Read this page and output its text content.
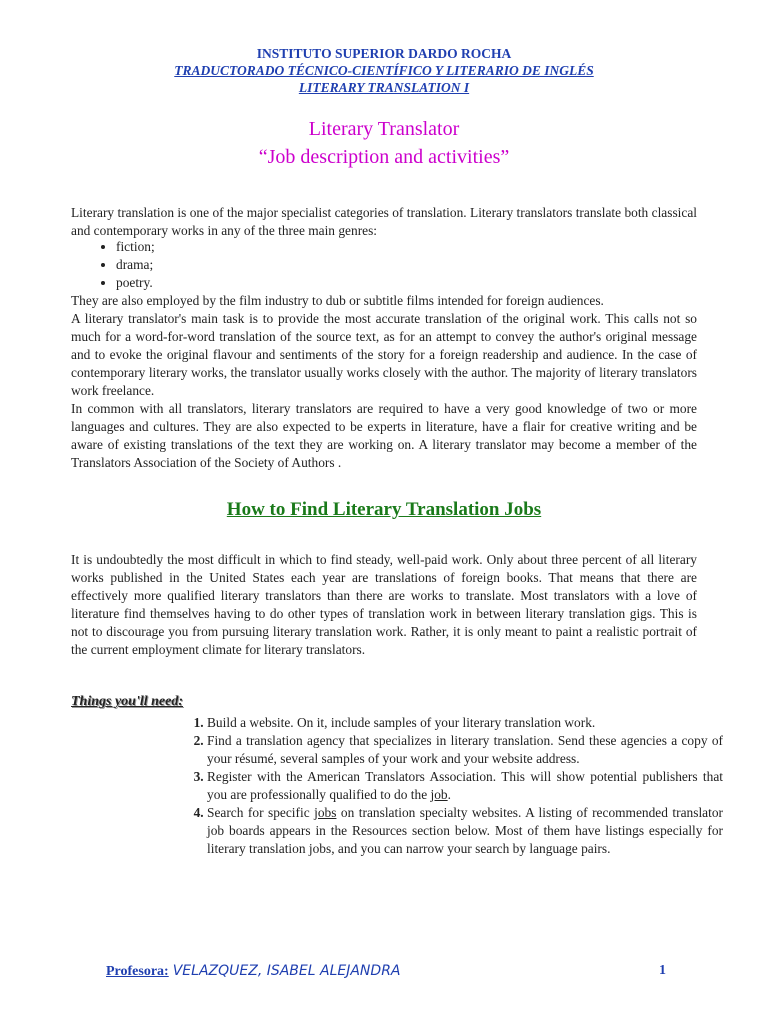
INSTITUTO SUPERIOR DARDO ROCHA
TRADUCTORADO TÉCNICO-CIENTÍFICO Y LITERARIO DE INGLÉS
LITERARY TRANSLATION I
Literary Translator
“Job description and activities”
Literary translation is one of the major specialist categories of translation. Literary translators translate both classical and contemporary works in any of the three main genres:
• fiction;
• drama;
• poetry.
They are also employed by the film industry to dub or subtitle films intended for foreign audiences.
A literary translator's main task is to provide the most accurate translation of the original work. This calls not so much for a word-for-word translation of the source text, as for an attempt to convey the author's original message and to evoke the original flavour and sentiments of the story for a foreign readership and audience. In the case of contemporary literary works, the translator usually works closely with the author. The majority of literary translators work freelance.
In common with all translators, literary translators are required to have a very good knowledge of two or more languages and cultures. They are also expected to be experts in literature, have a flair for creative writing and be aware of existing translations of the text they are working on. A literary translator may become a member of the Translators Association of the Society of Authors .
How to Find Literary Translation Jobs
It is undoubtedly the most difficult in which to find steady, well-paid work. Only about three percent of all literary works published in the United States each year are translations of foreign books. That means that there are effectively more qualified literary translators than there are works to translate. Most translators with a love of literature find themselves having to do other types of translation work in between literary translation gigs. This is not to discourage you from pursuing literary translation work. Rather, it is only meant to paint a realistic portrait of the current employment climate for literary translators.
Things you'll need:
1. Build a website. On it, include samples of your literary translation work.
2. Find a translation agency that specializes in literary translation. Send these agencies a copy of your résumé, several samples of your work and your website address.
3. Register with the American Translators Association. This will show potential publishers that you are professionally qualified to do the job.
4. Search for specific jobs on translation specialty websites. A listing of recommended translator job boards appears in the Resources section below. Most of them have listings especially for literary translation jobs, and you can narrow your search by language pairs.
Profesora: VELAZQUEZ, ISABEL ALEJANDRA	1
